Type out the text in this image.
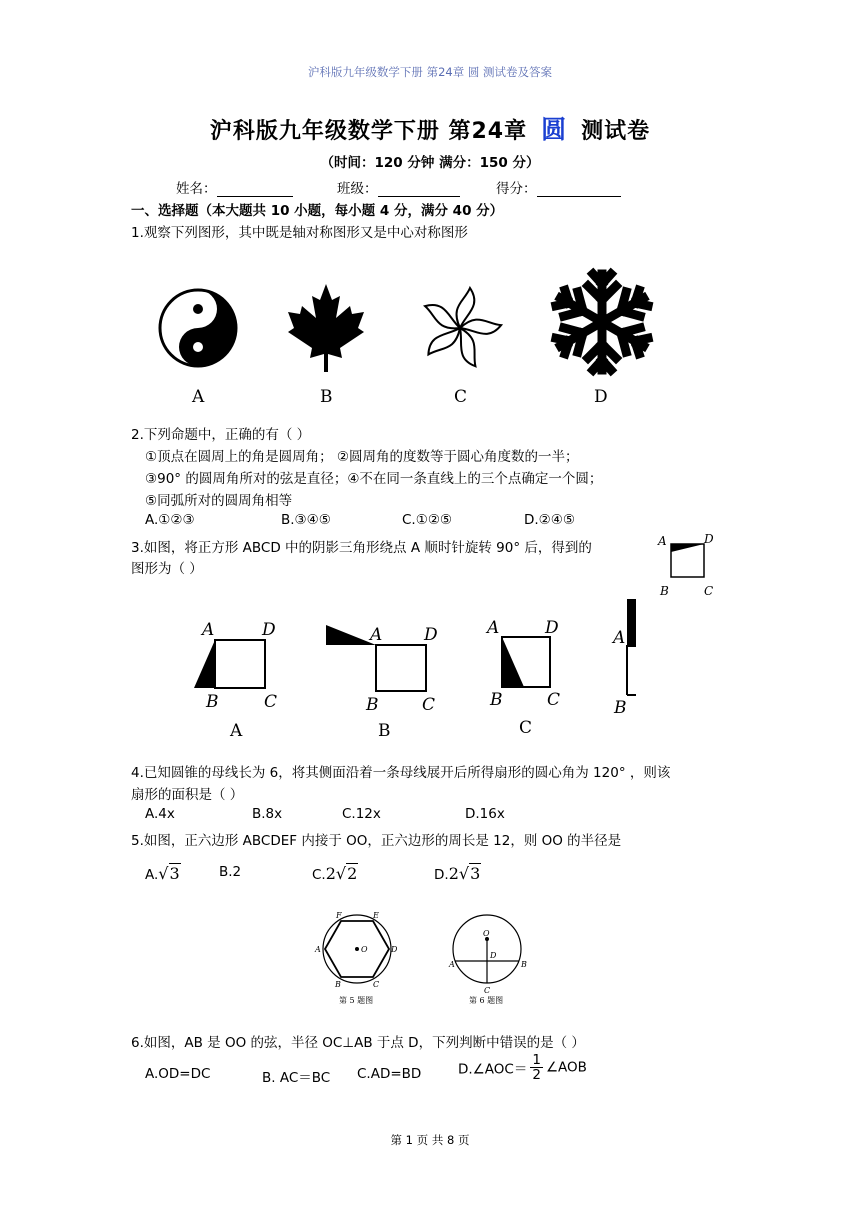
沪科版九年级数学下册 第24章 圆 测试卷及答案
沪科版九年级数学下册 第24章 圆 测试卷
（时间：120 分钟 满分：150 分）
姓名：	班级：	得分：
一、选择题（本大题共 10 小题，每小题 4 分，满分 40 分）
1.观察下列图形，其中既是轴对称图形又是中心对称图形
A	B	C	D
2.下列命题中，正确的有（ ）
①顶点在圆周上的角是圆周角； ②圆周角的度数等于圆心角度数的一半；
③90° 的圆周角所对的弦是直径；④不在同一条直线上的三个点确定一个圆；
⑤同弧所对的圆周角相等
A.①②③	B.③④⑤	C.①②⑤	D.②④⑤
3.如图，将正方形 ABCD 中的阴影三角形绕点 A 顺时针旋转 90° 后，得到的
图形为（ ）
A	D
B	C
A	D
B	C
A
A D
B	C
B
A	D
B	C
C
A
B
4.已知圆锥的母线长为 6，将其侧面沿着一条母线展开后所得扇形的圆心角为 120° ，则该
扇形的面积是（ ）
A.4x	B.8x	C.12x	D.16x
5.如图，正六边形 ABCDEF 内接于 OO，正六边形的周长是 12，则 OO 的半径是
A.√3	B.2	C.2√2	D.2√3
O
A
F	E
D
B	C
第 5 题图
O
D
A	B
C
第 6 题图
6.如图，AB 是 OO 的弦，半径 OC⊥AB 于点 D，下列判断中错误的是（ ）
A.OD=DC	B. AC＝BC C.AD=BD	D.∠AOC＝ $\frac{1}{2}$ ∠AOB
第 1 页 共 8 页
